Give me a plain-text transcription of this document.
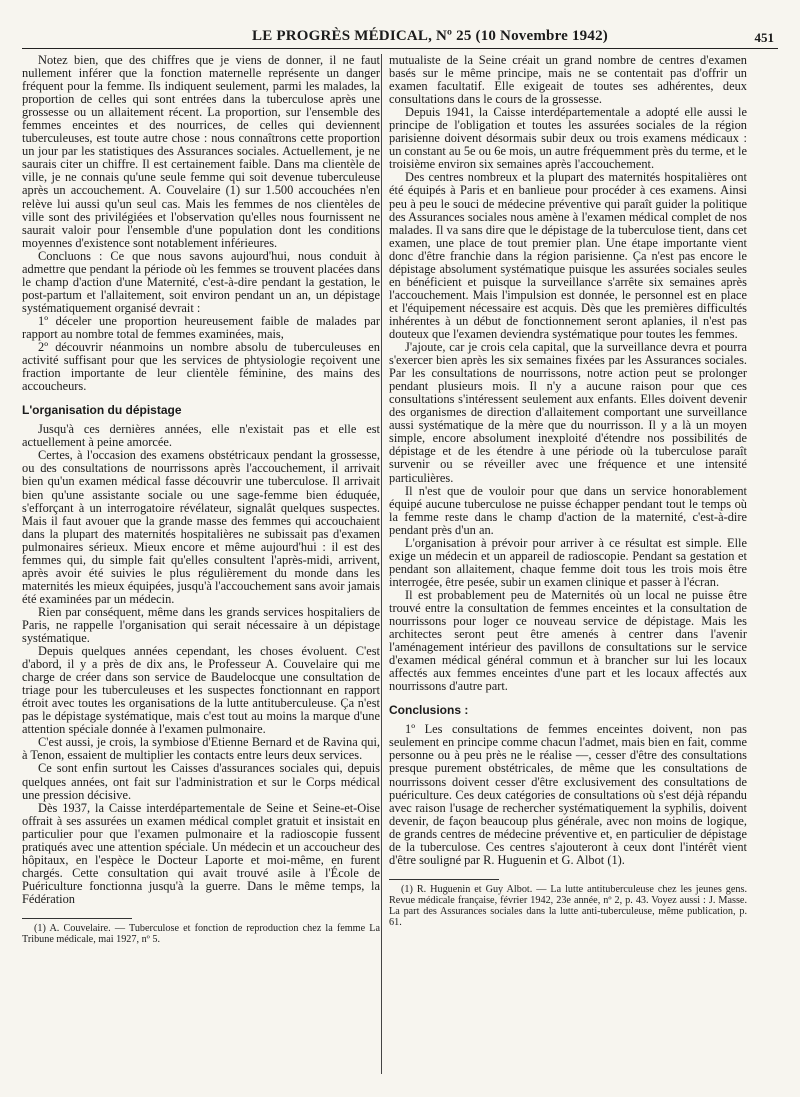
LE PROGRÈS MÉDICAL, Nº 25 (10 Novembre 1942)	451

Notez bien, que des chiffres que je viens de donner, il ne faut nullement inférer que la fonction maternelle représente un danger fréquent pour la femme. Ils indiquent seulement, parmi les malades, la proportion de celles qui sont entrées dans la tuberculose après une grossesse ou un allaitement récent. La proportion, sur l'ensemble des femmes enceintes et des nourrices, de celles qui deviennent tuberculeuses, est toute autre chose : nous connaîtrons cette proportion un jour par les statistiques des Assurances sociales. Actuellement, je ne saurais citer un chiffre. Il est certainement faible. Dans ma clientèle de ville, je ne connais qu'une seule femme qui soit devenue tuberculeuse après un accouchement. A. Couvelaire (1) sur 1.500 accouchées n'en relève lui aussi qu'un seul cas. Mais les femmes de nos clientèles de ville sont des privilégiées et l'observation qu'elles nous fournissent ne saurait valoir pour l'ensemble d'une population dont les conditions moyennes d'existence sont notablement inférieures.

Concluons : Ce que nous savons aujourd'hui, nous conduit à admettre que pendant la période où les femmes se trouvent placées dans le champ d'action d'une Maternité, c'est-à-dire pendant la gestation, le post-partum et l'allaitement, soit environ pendant un an, un dépistage systématiquement organisé devrait :

1º déceler une proportion heureusement faible de malades par rapport au nombre total de femmes examinées, mais,

2º découvrir néanmoins un nombre absolu de tuberculeuses en activité suffisant pour que les services de phtysiologie reçoivent une fraction importante de leur clientèle féminine, des mains des accoucheurs.

L'organisation du dépistage

Jusqu'à ces dernières années, elle n'existait pas et elle est actuellement à peine amorcée.

Certes, à l'occasion des examens obstétricaux pendant la grossesse, ou des consultations de nourrissons après l'accouchement, il arrivait bien qu'un examen médical fasse découvrir une tuberculose. Il arrivait bien qu'une assistante sociale ou une sage-femme bien éduquée, s'efforçant à un interrogatoire révélateur, signalât quelques suspectes. Mais il faut avouer que la grande masse des femmes qui accouchaient dans la plupart des maternités hospitalières ne subissait pas d'examen pulmonaires sérieux. Mieux encore et même aujourd'hui : il est des femmes qui, du simple fait qu'elles consultent l'après-midi, arrivent, après avoir été suivies le plus régulièrement du monde dans les maternités les mieux équipées, jusqu'à l'accouchement sans avoir jamais été examinées par un médecin.

Rien par conséquent, même dans les grands services hospitaliers de Paris, ne rappelle l'organisation qui serait nécessaire à un dépistage systématique.

Depuis quelques années cependant, les choses évoluent. C'est d'abord, il y a près de dix ans, le Professeur A. Couvelaire qui me charge de créer dans son service de Baudelocque une consultation de triage pour les tuberculeuses et les suspectes fonctionnant en rapport étroit avec toutes les organisations de la lutte antituberculeuse. Ça n'est pas le dépistage systématique, mais c'est tout au moins la marque d'une attention spéciale donnée à l'examen pulmonaire.

C'est aussi, je crois, la symbiose d'Etienne Bernard et de Ravina qui, à Tenon, essaient de multiplier les contacts entre leurs deux services.

Ce sont enfin surtout les Caisses d'assurances sociales qui, depuis quelques années, ont fait sur l'administration et sur le Corps médical une pression décisive.

Dès 1937, la Caisse interdépartementale de Seine et Seine-et-Oise offrait à ses assurées un examen médical complet gratuit et insistait en particulier pour que l'examen pulmonaire et la radioscopie fussent pratiqués avec une attention spéciale. Un médecin et un accoucheur des hôpitaux, en l'espèce le Docteur Laporte et moi-même, en furent chargés. Cette consultation qui avait trouvé asile à l'École de Puériculture fonctionna jusqu'à la guerre. Dans le même temps, la Fédération

(1) A. Couvelaire. — Tuberculose et fonction de reproduction chez la femme La Tribune médicale, mai 1927, nº 5.

mutualiste de la Seine créait un grand nombre de centres d'examen basés sur le même principe, mais ne se contentait pas d'offrir un examen facultatif. Elle exigeait de toutes ses adhérentes, deux consultations dans le cours de la grossesse.

Depuis 1941, la Caisse interdépartementale a adopté elle aussi le principe de l'obligation et toutes les assurées sociales de la région parisienne doivent désormais subir deux ou trois examens médicaux : un constant au 5e ou 6e mois, un autre fréquemment près du terme, et le troisième environ six semaines après l'accouchement.

Des centres nombreux et la plupart des maternités hospitalières ont été équipés à Paris et en banlieue pour procéder à ces examens. Ainsi peu à peu le souci de médecine préventive qui paraît guider la politique des Assurances sociales nous amène à l'examen médical complet de nos malades. Il va sans dire que le dépistage de la tuberculose tient, dans cet examen, une place de tout premier plan. Une étape importante vient donc d'être franchie dans la région parisienne. Ça n'est pas encore le dépistage absolument systématique puisque les assurées sociales seules en bénéficient et puisque la surveillance s'arrête six semaines après l'accouchement. Mais l'impulsion est donnée, le personnel est en place et l'équipement nécessaire est acquis. Dès que les premières difficultés inhérentes à un début de fonctionnement seront aplanies, il n'est pas douteux que l'examen deviendra systématique pour toutes les femmes.

J'ajoute, car je crois cela capital, que la surveillance devra et pourra s'exercer bien après les six semaines fixées par les Assurances sociales. Par les consultations de nourrissons, notre action peut se prolonger pendant plusieurs mois. Il n'y a aucune raison pour que ces consultations s'intéressent seulement aux enfants. Elles doivent devenir des organismes de direction d'allaitement comportant une surveillance aussi systématique de la mère que du nourrisson. Il y a là un moyen simple, encore absolument inexploité d'étendre nos possibilités de dépistage et de les étendre à une période où la tuberculose paraît survenir ou se réveiller avec une fréquence et une intensité particulières.

Il n'est que de vouloir pour que dans un service honorablement équipé aucune tuberculose ne puisse échapper pendant tout le temps où la femme reste dans le champ d'action de la maternité, c'est-à-dire pendant près d'un an.

L'organisation à prévoir pour arriver à ce résultat est simple. Elle exige un médecin et un appareil de radioscopie. Pendant sa gestation et pendant son allaitement, chaque femme doit tous les trois mois être interrogée, être pesée, subir un examen clinique et passer à l'écran.

Il est probablement peu de Maternités où un local ne puisse être trouvé entre la consultation de femmes enceintes et la consultation de nourrissons pour loger ce nouveau service de dépistage. Mais les architectes seront peut être amenés à centrer dans l'avenir l'aménagement intérieur des pavillons de consultations sur le service d'examen médical général commun et à brancher sur lui les locaux affectés aux femmes enceintes d'une part et les locaux affectés aux nourrissons d'autre part.

Conclusions :

1º Les consultations de femmes enceintes doivent, non pas seulement en principe comme chacun l'admet, mais bien en fait, comme personne ou à peu près ne le réalise —, cesser d'être des consultations presque purement obstétricales, de même que les consultations de nourrissons doivent cesser d'être exclusivement des consultations de puériculture. Ces deux catégories de consultations où s'est déjà répandu avec raison l'usage de rechercher systématiquement la syphilis, doivent devenir, de façon beaucoup plus générale, avec non moins de logique, de grands centres de médecine préventive et, en particulier de dépistage de la tuberculose. Ces centres s'ajouteront à ceux dont l'intérêt vient d'être souligné par R. Huguenin et G. Albot (1).

(1) R. Huguenin et Guy Albot. — La lutte antituberculeuse chez les jeunes gens. Revue médicale française, février 1942, 23e année, nº 2, p. 43. Voyez aussi : J. Masse. La part des Assurances sociales dans la lutte anti-tuberculeuse, même publication, p. 61.
